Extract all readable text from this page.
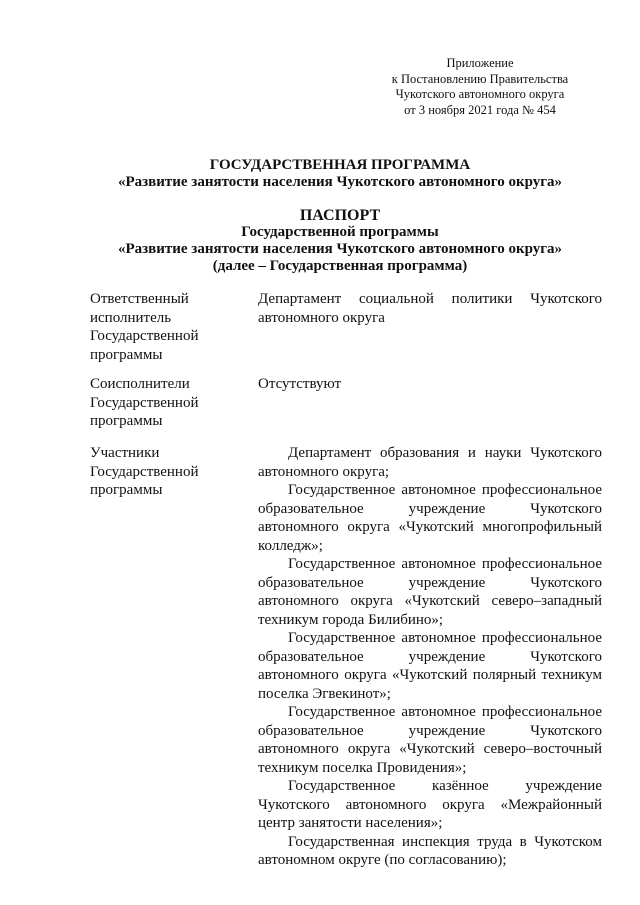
Приложение
к Постановлению Правительства
Чукотского автономного округа
от 3 ноября 2021 года № 454
ГОСУДАРСТВЕННАЯ ПРОГРАММА
«Развитие занятости населения Чукотского автономного округа»
ПАСПОРТ
Государственной программы
«Развитие занятости населения Чукотского автономного округа»
(далее – Государственная программа)
Ответственный
исполнитель
Государственной
программы

Департамент социальной политики Чукотского автономного округа

Соисполнители
Государственной
программы

Отсутствуют

Участники
Государственной
программы

Департамент образования и науки Чукотского автономного округа;

Государственное автономное профессиональное образовательное учреждение Чукотского автономного округа «Чукотский многопрофильный колледж»;

Государственное автономное профессиональное образовательное учреждение Чукотского автономного округа «Чукотский северо–западный техникум города Билибино»;

Государственное автономное профессиональное образовательное учреждение Чукотского автономного округа «Чукотский полярный техникум поселка Эгвекинот»;

Государственное автономное профессиональное образовательное учреждение Чукотского автономного округа «Чукотский северо–восточный техникум поселка Провидения»;

Государственное казённое учреждение Чукотского автономного округа «Межрайонный центр занятости населения»;

Государственная инспекция труда в Чукотском автономном округе (по согласованию);
